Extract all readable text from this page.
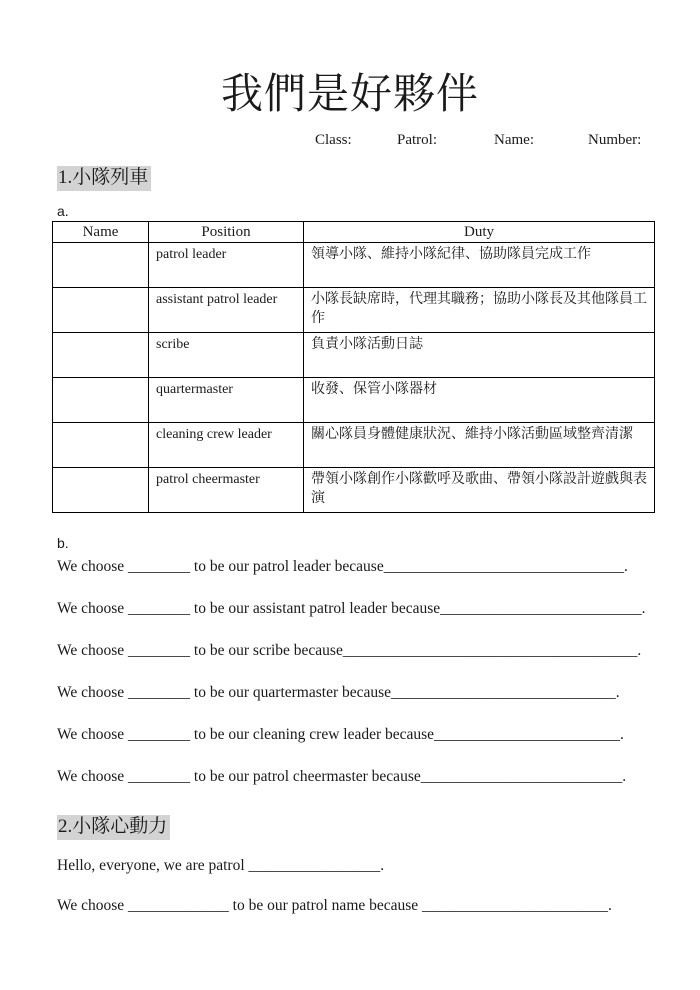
我們是好夥伴
Class:	Patrol:	Name:	Number:
1.小隊列車
a.
Name	Position	Duty
	patrol leader	領導小隊、維持小隊紀律、協助隊員完成工作
	assistant patrol leader	小隊長缺席時，代理其職務；協助小隊長及其他隊員工作
	scribe	負責小隊活動日誌
	quartermaster	收發、保管小隊器材
	cleaning crew leader	關心隊員身體健康狀況、維持小隊活動區域整齊清潔
	patrol cheermaster	帶領小隊創作小隊歡呼及歌曲、帶領小隊設計遊戲與表演
b.
We choose ________ to be our patrol leader because_______________________________.
We choose ________ to be our assistant patrol leader because__________________________.
We choose ________ to be our scribe because______________________________________.
We choose ________ to be our quartermaster because_____________________________.
We choose ________ to be our cleaning crew leader because________________________.
We choose ________ to be our patrol cheermaster because__________________________.
2.小隊心動力
Hello, everyone, we are patrol _________________.
We choose _____________ to be our patrol name because ________________________.
